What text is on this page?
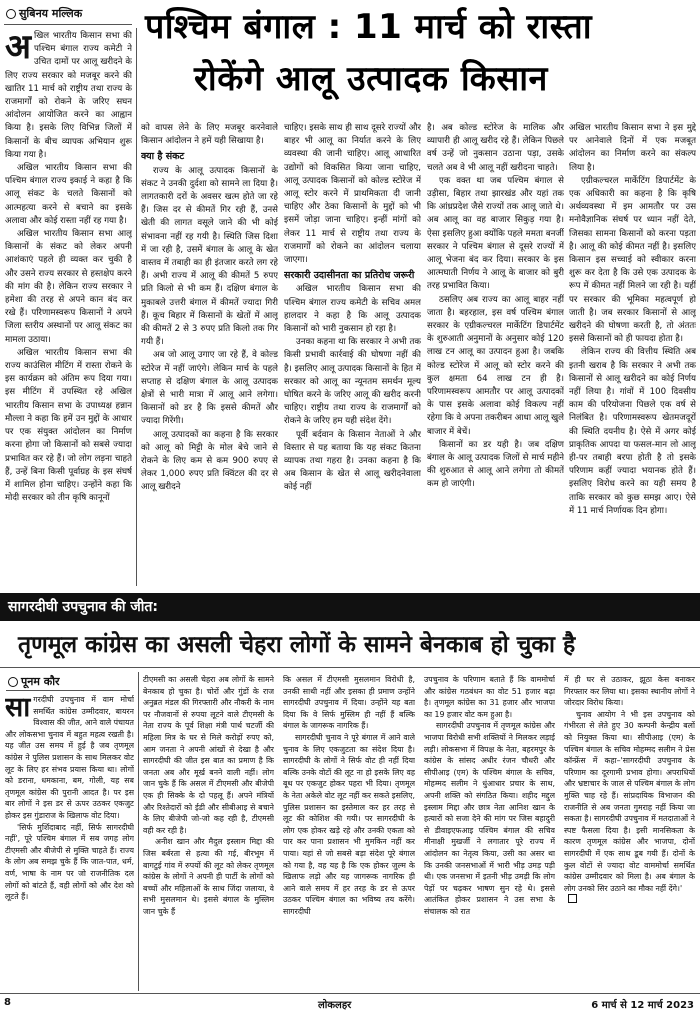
सुबिनय मल्लिक पश्चिम बंगाल : 11 मार्च को रास्ता
रोकेंगे आलू उत्पादक किसान
अ खिल भारतीय किसान सभा की पश्चिम बंगाल राज्य कमेटी ने उचित दामों पर आलू खरीदने के लिए राज्य सरकार को मजबूर करने की खातिर 11 मार्च को राष्ट्रीय तथा राज्य के राजमार्गों को रोकने के जरिए सघन आंदोलन आयोजित करने का आह्वान किया है। इसके लिए विभिन्न जिलों में किसानों के बीच व्यापक अभियान शुरू किया गया है।

अखिल भारतीय किसान सभा की पश्चिम बंगाल राज्य इकाई ने कहा है कि आलू संकट के चलते किसानों को आत्महत्या करने से बचाने का इसके अलावा और कोई रास्ता नहीं रह गया है।

अखिल भारतीय किसान सभा आलू किसानों के संकट को लेकर अपनी आशंकाएं पहले ही व्यक्त कर चुकी है और उसने राज्य सरकार से हस्तक्षेप करने की मांग की है। लेकिन राज्य सरकार ने हमेशा की तरह से अपने कान बंद कर रखे हैं। परिणामस्वरूप किसानों ने अपने जिला स्तरीय अस्थानों पर आलू संकट का मामला उठाया।

अखिल भारतीय किसान सभा की राज्य काउंसिल मीटिंग में रास्ता रोकने के इस कार्यक्रम को अंतिम रूप दिया गया। इस मीटिंग में उपस्थित रहे अखिल भारतीय किसान सभा के उपाध्यक्ष हन्नान मौल्ला ने कहा कि हमें उन मुद्दों के आधार पर एक संयुक्त आंदोलन का निर्माण करना होगा जो किसानों को सबसे ज्यादा प्रभावित कर रहे हैं। जो लोग लड़ना चाहते हैं, उन्हें बिना किसी पूर्वाग्रह के इस संघर्ष में शामिल होना चाहिए। उन्होंने कहा कि मोदी सरकार को तीन कृषि कानूनों

को वापस लेने के लिए मजबूर करनेवाले किसान आंदोलन ने हमें यही सिखाया है।

क्या है संकट

राज्य के आलू उत्पादक किसानों के संकट ने उनकी दुर्दशा को सामने ला दिया है। लागतकारी दरों के अवसर खत्म होते जा रहे हैं। जिस दर से कीमतें गिर रही हैं, उनसे खेती की लागत वसूले जाने की भी कोई संभावना नहीं रह गयी है। स्थिति जिस दिशा में जा रही है, उसमें बंगाल के आलू के खेत वास्तव में तबाही का ही इंतजार करते लग रहे हैं। अभी राज्य में आलू की कीमतें 5 रुपए प्रति किलो से भी कम हैं। दक्षिण बंगाल के मुकाबले उत्तरी बंगाल में कीमतें ज्यादा गिरी हैं। कूच बिहार में किसानों के खेतों में आलू की कीमतें 2 से 3 रुपए प्रति किलो तक गिर गयी हैं।

अब जो आलू उगाए जा रहे हैं, वे कोल्ड स्टोरेज में नहीं जाएंगे। लेकिन मार्च के पहले सप्ताह से दक्षिण बंगाल के आलू उत्पादक क्षेत्रों से भारी मात्रा में आलू आने लगेगा। किसानों को डर है कि इससे कीमतें और ज्यादा गिरेंगी।

आलू उत्पादकों का कहना है कि सरकार को आलू को मिट्टी के मोल बेचे जाने से रोकने के लिए कम से कम 900 रुपए से लेकर 1,000 रुपए प्रति क्विंटल की दर से आलू खरीदने

चाहिए। इसके साथ ही साथ दूसरे राज्यों और बाहर भी आलू का निर्यात करने के लिए व्यवस्था की जानी चाहिए। आलू आधारित उद्योगों को विकसित किया जाना चाहिए, आलू उत्पादक किसानों को कोल्ड स्टोरेज में आलू स्टोर करने में प्राथमिकता दी जानी चाहिए और ठेका किसानों के मुद्दों को भी इसमें जोड़ा जाना चाहिए। इन्हीं मांगों को लेकर 11 मार्च से राष्ट्रीय तथा राज्य के राजमार्गों को रोकने का आंदोलन चलाया जाएगा।

सरकारी उदासीनता का प्रतिरोध जरूरी

अखिल भारतीय किसान सभा की पश्चिम बंगाल राज्य कमेटी के सचिव अमल हालदार ने कहा है कि आलू उत्पादक किसानों को भारी नुकसान हो रहा है।

उनका कहना था कि सरकार ने अभी तक किसी प्रभावी कार्रवाई की घोषणा नहीं की है। इसलिए आलू उत्पादक किसानों के हित में सरकार को आलू का न्यूनतम समर्थन मूल्य घोषित करने के जरिए आलू की खरीद करनी चाहिए। राष्ट्रीय तथा राज्य के राजमार्गों को रोकने के जरिए हम यही संदेश देंगे।

पूर्वी बर्दवान के किसान नेताओं ने और विस्तार से यह बताया कि यह संकट कितना व्यापक तथा गहरा है। उनका कहना है कि अब किसान के खेत से आलू खरीदनेवाला कोई नहीं

है। अब कोल्ड स्टोरेज के मालिक और व्यापारी ही आलू खरीद रहे हैं। लेकिन पिछले वर्ष उन्हें जो नुकसान उठाना पड़ा, उसके चलते अब वे भी आलू नहीं खरीदना चाहते।

एक वक्त था जब पश्चिम बंगाल से उड़ीसा, बिहार तथा झारखंड और यहां तक कि आंध्रप्रदेश जैसे राज्यों तक आलू जाते थे। अब आलू का वह बाजार सिकुड़ गया है। ऐसा इसलिए हुआ क्योंकि पहले ममता बनर्जी सरकार ने पश्चिम बंगाल से दूसरे राज्यों में आलू भेजना बंद कर दिया। सरकार के इस आत्मघाती निर्णय ने आलू के बाजार को बुरी तरह प्रभावित किया।

ठसलिए अब राज्य का आलू बाहर नहीं जाता है। बहरहाल, इस वर्ष पश्चिम बंगाल सरकार के एग्रीकल्चरल मार्केटिंग डिपार्टमेंट के शुरुआती अनुमानों के अनुसार कोई 120 लाख टन आलू का उत्पादन हुआ है। जबकि कोल्ड स्टोरेज में आलू को स्टोर करने की कुल क्षमता 64 लाख टन ही है। परिणामस्वरूप आमतौर पर आलू उत्पादकों के पास इसके अलावा कोई विकल्प नहीं रहेगा कि वे अपना तकरीबन आधा आलू खुले बाजार में बेचें।

किसानों का डर यही है। जब दक्षिण बंगाल के आलू उत्पादक जिलों से मार्च महीने की शुरुआत से आलू आने लगेगा तो कीमतें कम हो जाएंगी।

अखिल भारतीय किसान सभा ने इस मुद्दे पर आनेवाले दिनों में एक मजबूत आंदोलन का निर्माण करने का संकल्प लिया है।

एग्रीकल्चरल मार्केटिंग डिपार्टमेंट के एक अधिकारी का कहना है कि कृषि अर्थव्यवस्था में इम आमतौर पर उस मनोवैज्ञानिक संघर्ष पर ध्यान नहीं देते, जिसका सामना किसानों को करना पड़ता है। आलू की कोई कीमत नहीं है। इसलिए किसान इस सच्चाई को स्वीकार करना शुरू कर देता है कि उसे एक उत्पादक के रूप में कीमत नहीं मिलने जा रही है। यहीं पर सरकार की भूमिका महत्वपूर्ण हो जाती है। जब सरकार किसानों से आलू खरीदने की घोषणा करती है, तो अंततः इससे किसानों को ही फायदा होता है।

लेकिन राज्य की वित्तीय स्थिति अब इतनी खराब है कि सरकार ने अभी तक किसानों से आलू खरीदने का कोई निर्णय नहीं लिया है। गांवों में 100 दिवसीय काम की परियोजना पिछले एक वर्ष से निलंबित है। परिणामस्वरूप खेतमजदूरों की स्थिति दयनीय है। ऐसे में अगर कोई प्राकृतिक आपदा या फसल-मान लो आलू ही-पर तबाही बरपा होती है तो इसके परिणाम कहीं ज्यादा भयानक होते हैं। इसलिए विरोध करने का यही समय है ताकि सरकार को कुछ समझ आए। ऐसे में 11 मार्च निर्णायक दिन होगा।

सागरदीघी उपचुनाव की जीत:
तृणमूल कांग्रेस का असली चेहरा लोगों के सामने बेनकाब हो चुका है
पूनम कौर
सा गरदीघी उपचुनाव में वाम मोर्चा समर्थित कांग्रेस उम्मीदवार, बायरन विश्वास की जीत, आने वाले पंचायत और लोकसभा चुनाव में बहुत महत्व रखती है। यह जीत उस समय में हुई है जब तृणमूल कांग्रेस ने पुलिस प्रशासन के साथ मिलकर वोट लूट के लिए हर संभव प्रयास किया था। लोगों को डराना, धमकाना, बम, गोली, यह सब तृणमूल कांग्रेस की पुरानी आदत है। पर इस बार लोगों ने इस डर से ऊपर उठकर एकजुट होकर इस गुंडाराज के खिलाफ वोट दिया।

'सिर्फ मुर्शिदाबाद नहीं, सिर्फ सागरदीघी नहीं', पूरे पश्चिम बंगाल में सब जगह लोग टीएमसी और बीजेपी से मुक्ति चाहते हैं। राज्य के लोग अब समझ चुके हैं कि जात-पात, धर्म, वर्ण, भाषा के नाम पर जो राजनीतिक दल लोगों को बांटते हैं, वही लोगों को और देश को लूटते हैं।

टीएमसी का असली चेहरा अब लोगों के सामने बेनकाब हो चुका है। चोरों और गुंडों के राज अनुब्रत मंडल की गिरफ्तारी और नौकरी के नाम पर नौजवानों से रुपया लूटने वाले टीएमसी के नेता राज्य के पूर्व शिक्षा मंत्री पार्थ चटर्जी की महिला मित्र के घर से मिले करोड़ों रुपए को, आम जनता ने अपनी आंखों से देखा है और सागरदीघी की जीत इस बात का प्रमाण है कि जनता अब और मूर्ख बनने वाली नहीं। लोग जान चुके हैं कि असल में टीएमसी और बीजेपी एक ही सिक्के के दो पहलू हैं। अपने मंत्रियों और रिश्तेदारों को ईडी और सीबीआइ से बचाने के लिए बीजेपी जो-जो कह रही है, टीएमसी वही कर रही है।

अनीश खान और मैदुल इस्लाम मिद्दा की जिस बर्बरता से हत्या की गई, बीरभूम में बागटुई गांव में रुपयों की लूट को लेकर तृणमूल कांग्रेस के लोगों ने अपनी ही पार्टी के लोगों को बच्चों और महिलाओं के साथ जिंदा जलाया, वे सभी मुसलमान थे। इससे बंगाल के मुस्लिम जान चुके हैं

कि असल में टीएमसी मुसलमान विरोधी है, उनकी साथी नहीं और इसका ही प्रमाण उन्होंने सागरदीघी उपचुनाव में दिया। उन्होंने यह बता दिया कि वे सिर्फ मुस्लिम ही नहीं हैं बल्कि बंगाल के जागरूक नागरिक हैं।

सागरदीघी चुनाव ने पूरे बंगाल में आने वाले चुनाव के लिए एकजुटता का संदेश दिया है। सागरदीघी के लोगों ने सिर्फ वोट ही नहीं दिया बल्कि उनके वोटों की लूट ना हो इसके लिए वह बूथ पर एकजुट होकर पहरा भी दिया। तृणमूल के नेता अकेले वोट लूट नहीं कर सकते इसलिए, पुलिस प्रशासन का इस्तेमाल कर हर तरह से लूट की कोशिश की गयी। पर सागरदीघी के लोग एक होकर खड़े रहे और उनकी एकता को पार कर पाना प्रशासन भी मुमकिन नहीं कर पाया। यहां से जो सबसे बड़ा संदेश पूरे बंगाल को गया है, वह यह है कि एक होकर जुल्म के खिलाफ लड़ो और यह जागरूक नागरिक ही आने वाले समय में हर तरह के डर से ऊपर उठकर पश्चिम बंगाल का भविष्य तय करेंगे। सागरदीघी

उपचुनाव के परिणाम बताते हैं कि वाममोर्चा और कांग्रेस गठबंधन का वोट 51 हजार बढ़ा है। तृणमूल कांग्रेस का 31 हजार और भाजपा का 19 हजार वोट कम हुआ है।

सागरदीघी उपचुनाव में तृणमूल कांग्रेस और भाजपा विरोधी सभी शक्तियों ने मिलकर लड़ाई लड़ी। लोकसभा में विपक्ष के नेता, बहरमपुर के कांग्रेस के सांसद अधीर रंजन चौधरी और सीपीआइ (एम) के पश्चिम बंगाल के सचिव, मोहम्मद सलीम ने धुंआधार प्रचार के साथ, अपनी शक्ति को संगठित किया। शहीद मद्दुल इस्लाम मिद्दा और छात्र नेता आनिश खान के हत्यारों को सजा देने की मांग पर जिस बहादुरी से डीवाइएफआइ पश्चिम बंगाल की सचिव मीनाक्षी मुखर्जी ने लगातार पूरे राज्य में आंदोलन का नेतृत्व किया, उसी का असर था कि उनकी जनसभाओं में भारी भीड़ उमड़ पड़ी थी। एक जनसभा में इतनी भीड़ उमड़ी कि लोग पेड़ों पर चढ़कर भाषण सुन रहे थे। इससे आतंकित होकर प्रशासन ने उस सभा के संचालक को रात

में ही घर से उठाकर, झूठा केस बनाकर गिरफ्तार कर लिया था। इसका स्थानीय लोगों ने जोरदार विरोध किया।

चुनाव आयोग ने भी इस उपचुनाव को गंभीरता से लेते हुए 30 कम्पनी केन्द्रीय बलों को नियुक्त किया था। सीपीआइ (एम) के पश्चिम बंगाल के सचिव मोहम्मद सलीम ने प्रेस कॉन्फ्रेंस में कहा–'सागरदीघी उपचुनाव के परिणाम का दूरगामी प्रभाव होगा। अपराधियों और भ्रष्टाचार के जाल से पश्चिम बंगाल के लोग मुक्ति चाह रहे हैं। सांप्रदायिक विभाजन की राजनीति से अब जनता गुमराह नहीं किया जा सकता है। सागरदीघी उपचुनाव में मतदाताओं ने स्पष्ट फैसला दिया है। इसी मानसिकता के कारण तृणमूल कांग्रेस और भाजपा, दोनों सागरदीघी में एक साथ डूब गयी हैं। दोनों के कुल वोटों से ज्यादा वोट वाममोर्चा समर्थित कांग्रेस उम्मीदवार को मिला है। अब बंगाल के लोग उनको सिर उठाने का मौका नहीं देंगे।'

8	लोकलहर	6 मार्च से 12 मार्च 2023
